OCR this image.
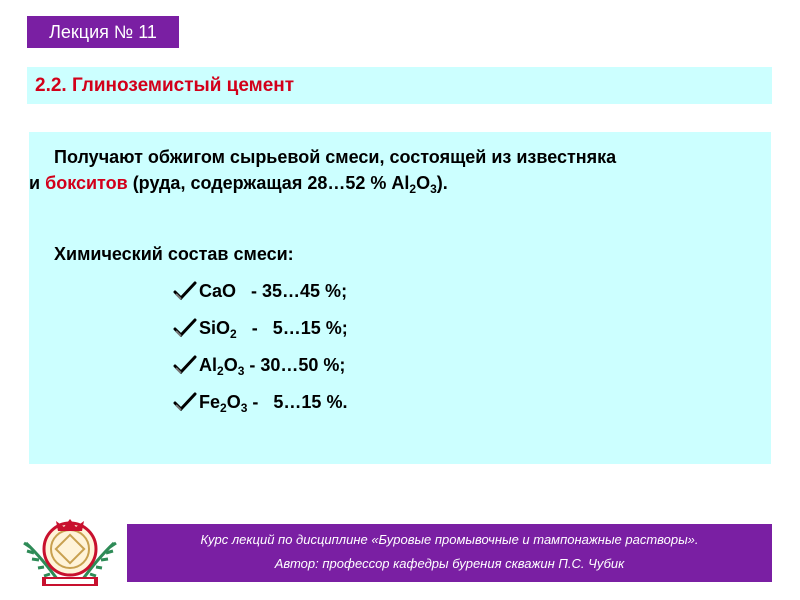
Лекция № 11
2.2. Глиноземистый цемент
Получают обжигом сырьевой смеси, состоящей из известняка
и бокситов (руда, содержащая 28…52 % $Al_2O_3$).
Химический состав смеси:
CaO   - 35…45 %;
SiO$_2$   -   5…15 %;
$Al_2O_3$ - 30…50 %;
$Fe_2O_3$ -   5…15 %.
Курс лекций по дисциплине «Буровые промывочные и тампонажные растворы».
Автор: профессор кафедры бурения скважин П.С. Чубик
